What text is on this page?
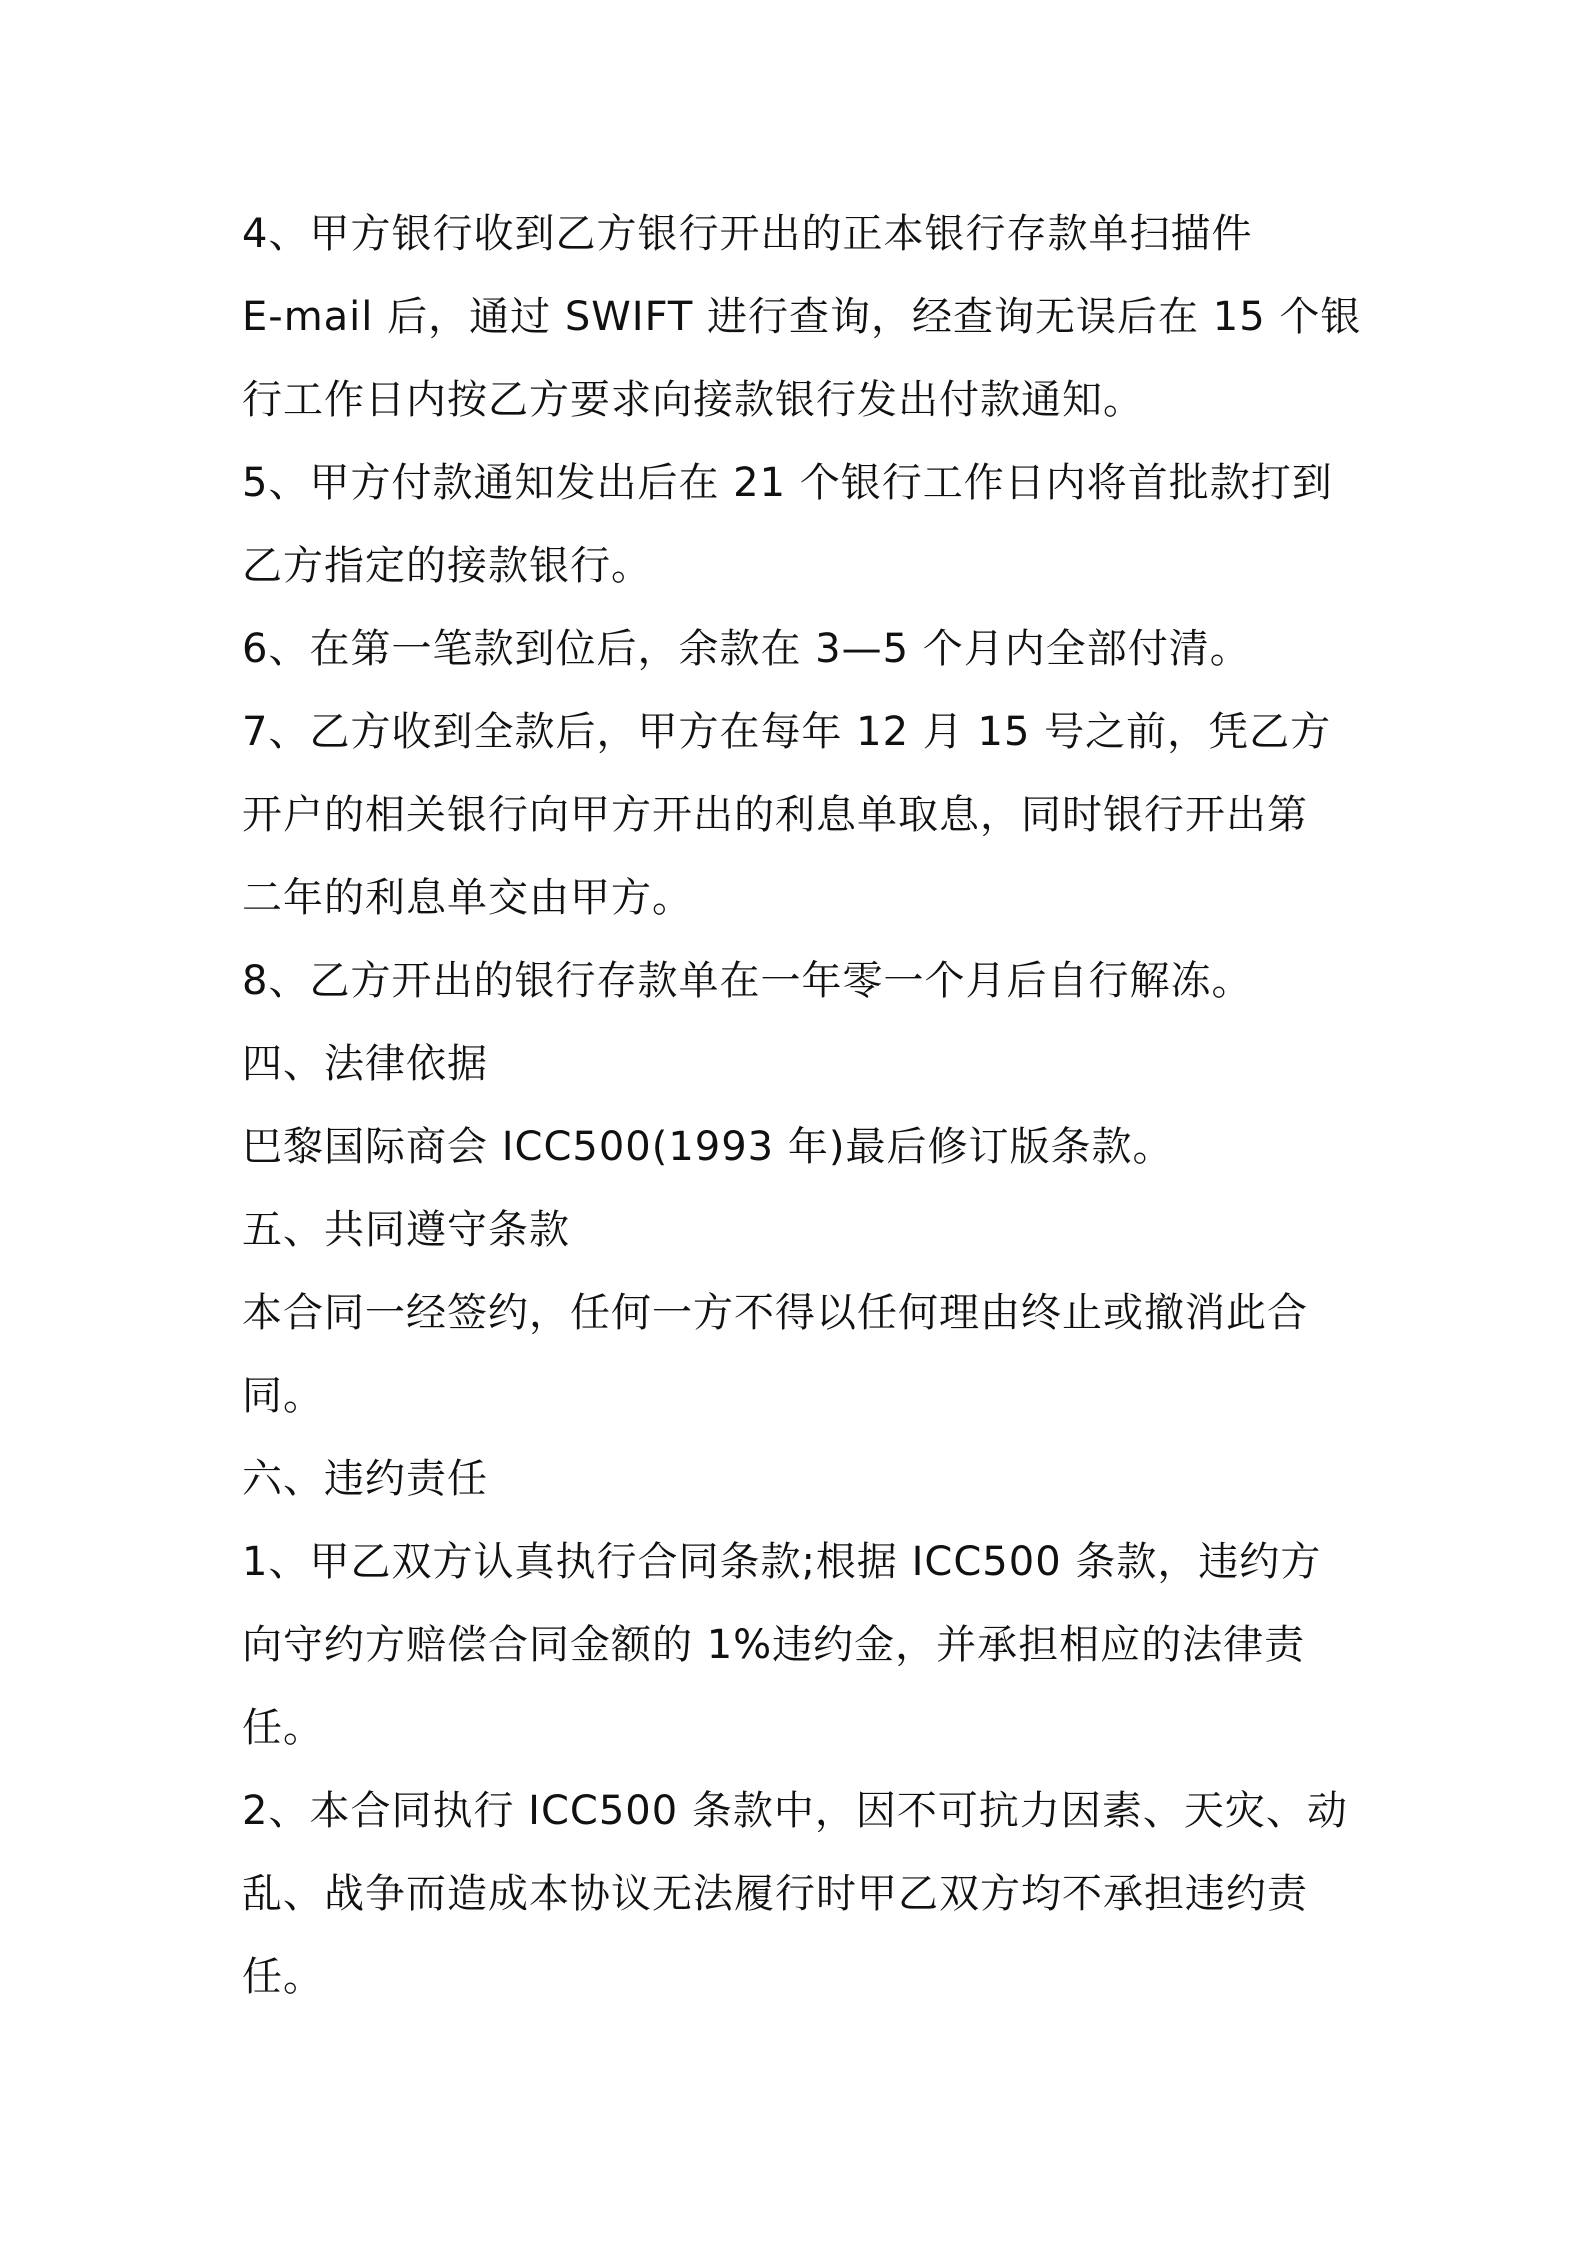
4、甲方银行收到乙方银行开出的正本银行存款单扫描件
E-mail 后，通过 SWIFT 进行查询，经查询无误后在 15 个银
行工作日内按乙方要求向接款银行发出付款通知。
5、甲方付款通知发出后在 21 个银行工作日内将首批款打到
乙方指定的接款银行。
6、在第一笔款到位后，余款在 3—5 个月内全部付清。
7、乙方收到全款后，甲方在每年 12 月 15 号之前，凭乙方
开户的相关银行向甲方开出的利息单取息，同时银行开出第
二年的利息单交由甲方。
8、乙方开出的银行存款单在一年零一个月后自行解冻。
四、法律依据
巴黎国际商会 ICC500(1993 年)最后修订版条款。
五、共同遵守条款
本合同一经签约，任何一方不得以任何理由终止或撤消此合
同。
六、违约责任
1、甲乙双方认真执行合同条款;根据 ICC500 条款，违约方
向守约方赔偿合同金额的 1%违约金，并承担相应的法律责
任。
2、本合同执行 ICC500 条款中，因不可抗力因素、天灾、动
乱、战争而造成本协议无法履行时甲乙双方均不承担违约责
任。
